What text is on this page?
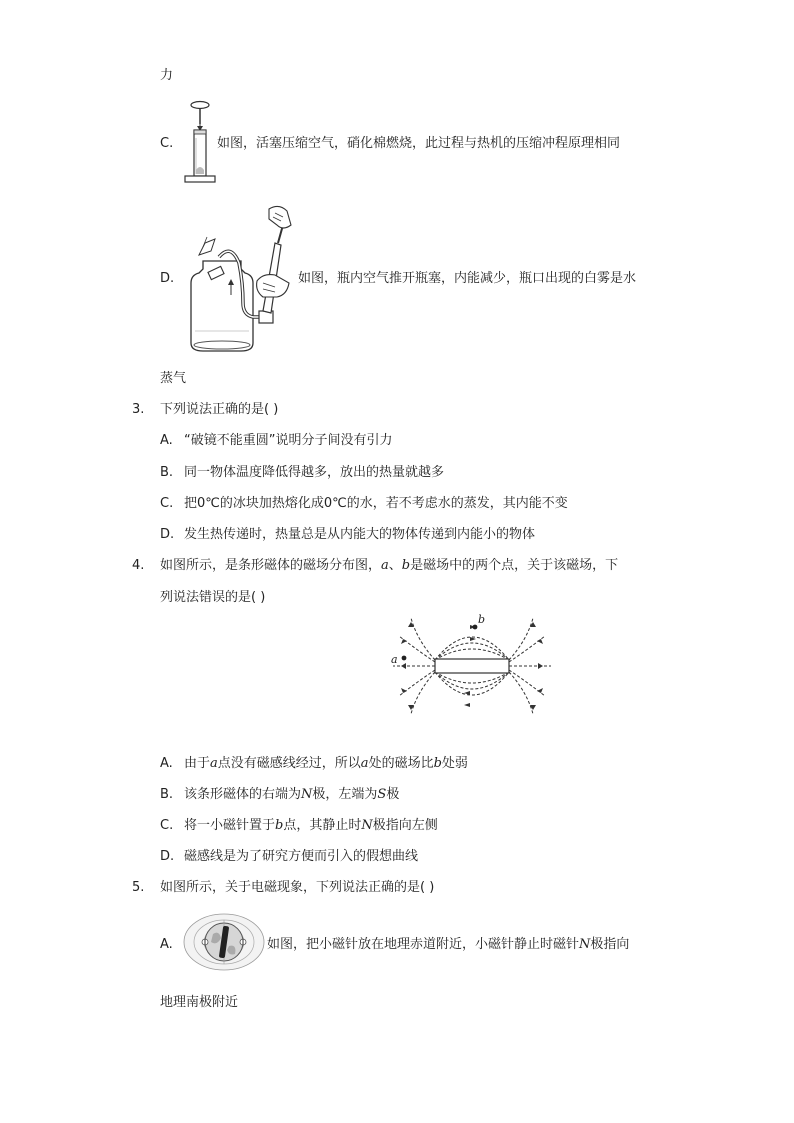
力
C.	如图，活塞压缩空气，硝化棉燃烧，此过程与热机的压缩冲程原理相同
D.	如图，瓶内空气推开瓶塞，内能减少，瓶口出现的白雾是水
蒸气
3. 下列说法正确的是( )
A. “破镜不能重圆”说明分子间没有引力
B. 同一物体温度降低得越多，放出的热量就越多
C. 把0℃的冰块加热熔化成0℃的水，若不考虑水的蒸发，其内能不变
D. 发生热传递时，热量总是从内能大的物体传递到内能小的物体
4. 如图所示，是条形磁体的磁场分布图，a、b是磁场中的两个点，关于该磁场，下
列说法错误的是( )
a
b
A. 由于a点没有磁感线经过，所以a处的磁场比b处弱
B. 该条形磁体的右端为N极，左端为S极
C. 将一小磁针置于b点，其静止时N极指向左侧
D. 磁感线是为了研究方便而引入的假想曲线
5. 如图所示，关于电磁现象，下列说法正确的是( )
A.	如图，把小磁针放在地理赤道附近，小磁针静止时磁针N极指向
地理南极附近
